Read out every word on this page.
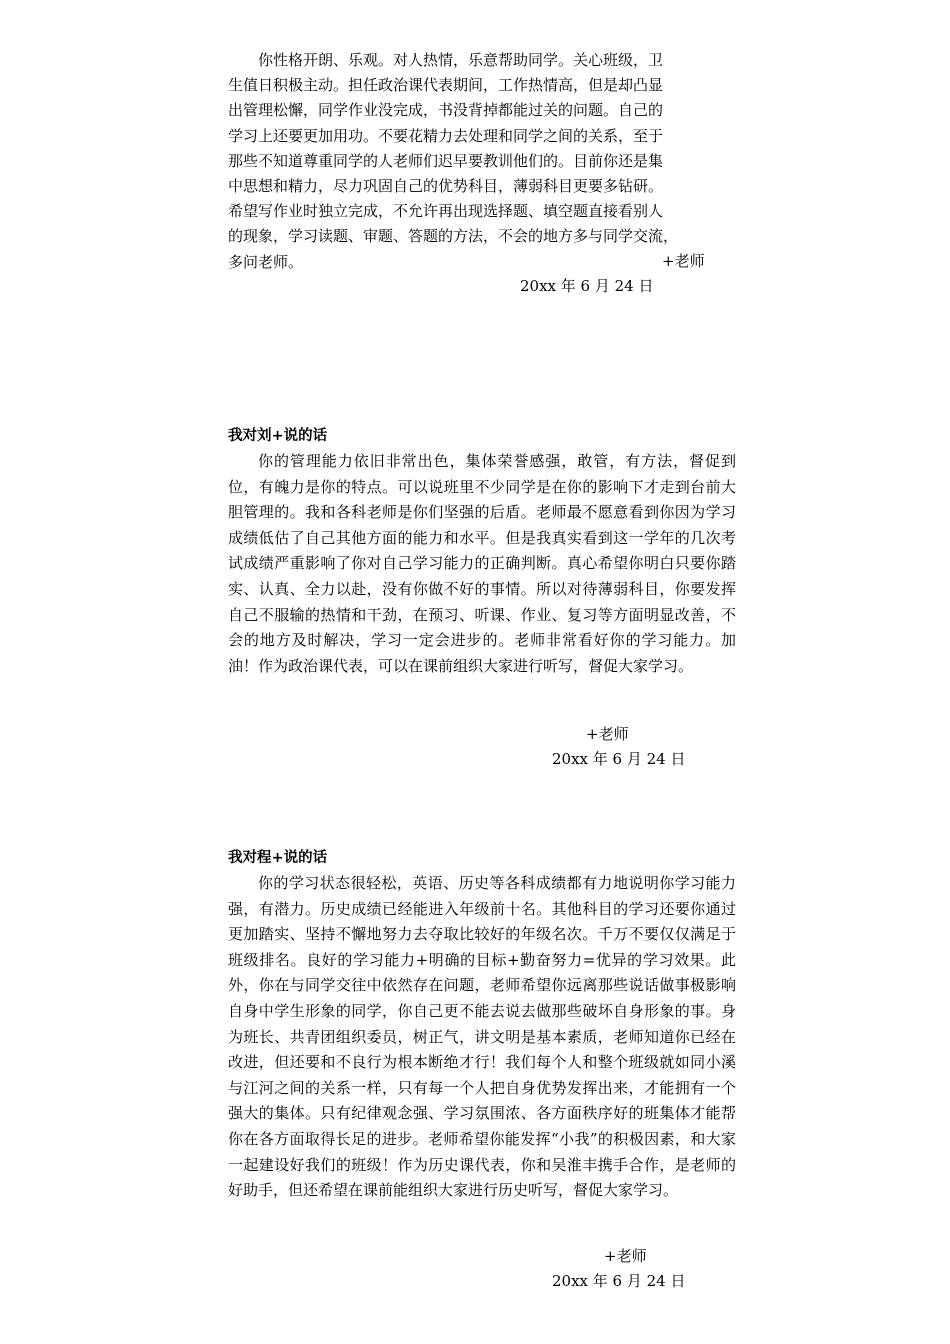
　　你性格开朗、乐观。对人热情，乐意帮助同学。关心班级，卫
生值日积极主动。担任政治课代表期间，工作热情高，但是却凸显
出管理松懈，同学作业没完成，书没背掉都能过关的问题。自己的
学习上还要更加用功。不要花精力去处理和同学之间的关系，至于
那些不知道尊重同学的人老师们迟早要教训他们的。目前你还是集
中思想和精力，尽力巩固自己的优势科目，薄弱科目更要多钻研。
希望写作业时独立完成，不允许再出现选择题、填空题直接看别人
的现象，学习读题、审题、答题的方法，不会的地方多与同学交流，
多问老师。	+老师
20xx 年 6 月 24 日
我对刘+说的话

你的管理能力依旧非常出色，集体荣誉感强，敢管，有方法，督促到位，有魄力是你的特点。可以说班里不少同学是在你的影响下才走到台前大胆管理的。我和各科老师是你们坚强的后盾。老师最不愿意看到你因为学习成绩低估了自己其他方面的能力和水平。但是我真实看到这一学年的几次考试成绩严重影响了你对自己学习能力的正确判断。真心希望你明白只要你踏实、认真、全力以赴，没有你做不好的事情。所以对待薄弱科目，你要发挥自己不服输的热情和干劲，在预习、听课、作业、复习等方面明显改善，不会的地方及时解决，学习一定会进步的。老师非常看好你的学习能力。加油！作为政治课代表，可以在课前组织大家进行听写，督促大家学习。

+老师
20xx 年 6 月 24 日
我对程+说的话

你的学习状态很轻松，英语、历史等各科成绩都有力地说明你学习能力强，有潜力。历史成绩已经能进入年级前十名。其他科目的学习还要你通过更加踏实、坚持不懈地努力去夺取比较好的年级名次。千万不要仅仅满足于班级排名。良好的学习能力+明确的目标+勤奋努力=优异的学习效果。此外，你在与同学交往中依然存在问题，老师希望你远离那些说话做事极影响自身中学生形象的同学，你自己更不能去说去做那些破坏自身形象的事。身为班长、共青团组织委员，树正气，讲文明是基本素质，老师知道你已经在改进，但还要和不良行为根本断绝才行！我们每个人和整个班级就如同小溪与江河之间的关系一样，只有每一个人把自身优势发挥出来，才能拥有一个强大的集体。只有纪律观念强、学习氛围浓、各方面秩序好的班集体才能帮你在各方面取得长足的进步。老师希望你能发挥“小我”的积极因素，和大家一起建设好我们的班级！作为历史课代表，你和吴淮丰携手合作，是老师的好助手，但还希望在课前能组织大家进行历史听写，督促大家学习。

+老师
20xx 年 6 月 24 日
